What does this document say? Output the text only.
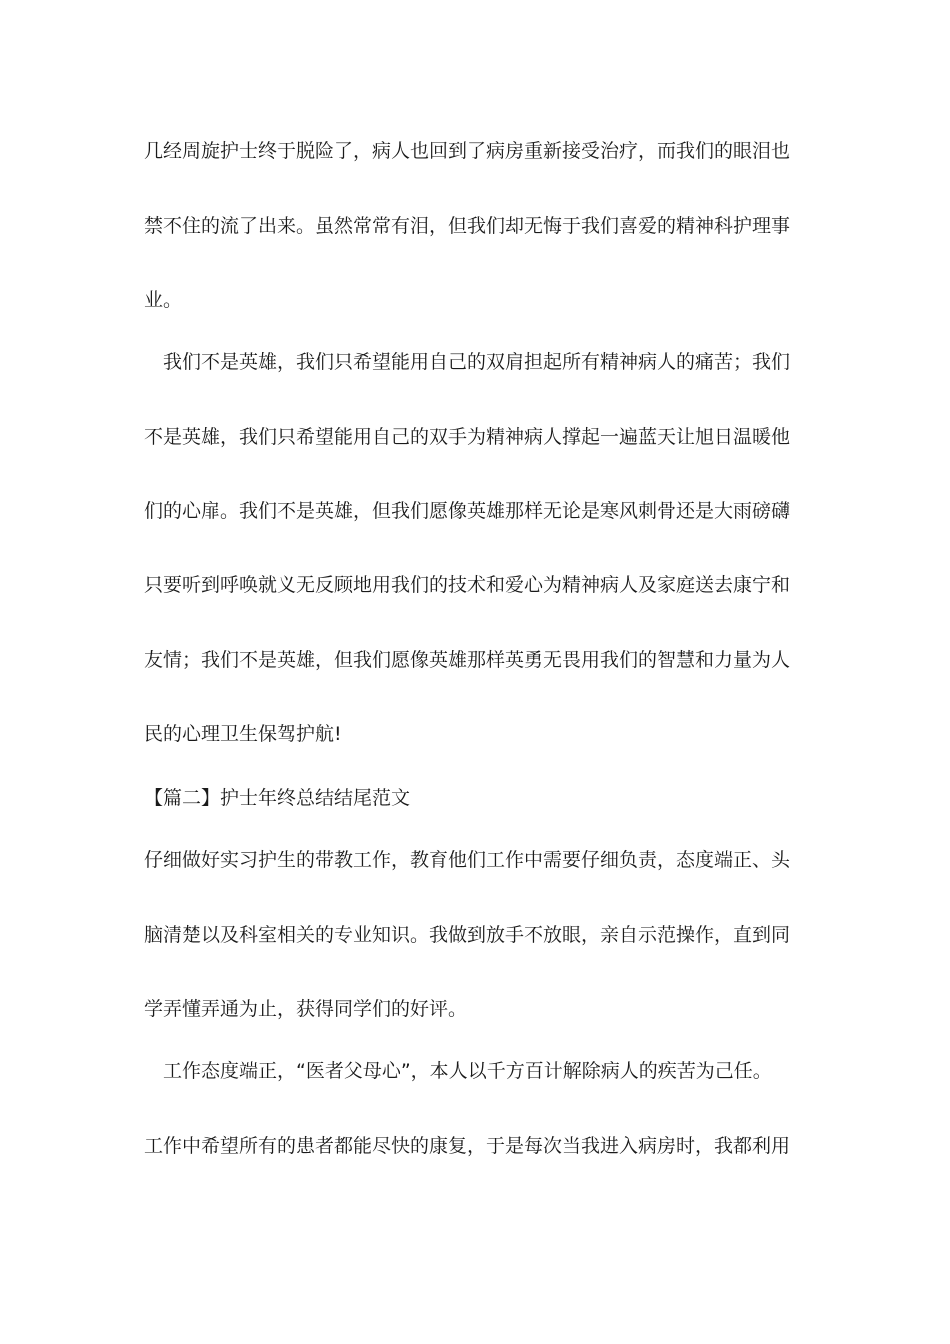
几经周旋护士终于脱险了，病人也回到了病房重新接受治疗，而我们的眼泪也

禁不住的流了出来。虽然常常有泪，但我们却无悔于我们喜爱的精神科护理事

业。

　我们不是英雄，我们只希望能用自己的双肩担起所有精神病人的痛苦；我们

不是英雄，我们只希望能用自己的双手为精神病人撑起一遍蓝天让旭日温暖他

们的心扉。我们不是英雄，但我们愿像英雄那样无论是寒风刺骨还是大雨磅礴

只要听到呼唤就义无反顾地用我们的技术和爱心为精神病人及家庭送去康宁和

友情；我们不是英雄，但我们愿像英雄那样英勇无畏用我们的智慧和力量为人

民的心理卫生保驾护航!

【篇二】护士年终总结结尾范文

仔细做好实习护生的带教工作，教育他们工作中需要仔细负责，态度端正、头

脑清楚以及科室相关的专业知识。我做到放手不放眼，亲自示范操作，直到同

学弄懂弄通为止，获得同学们的好评。

　工作态度端正，“医者父母心”，本人以千方百计解除病人的疾苦为己任。

工作中希望所有的患者都能尽快的康复，于是每次当我进入病房时，我都利用
